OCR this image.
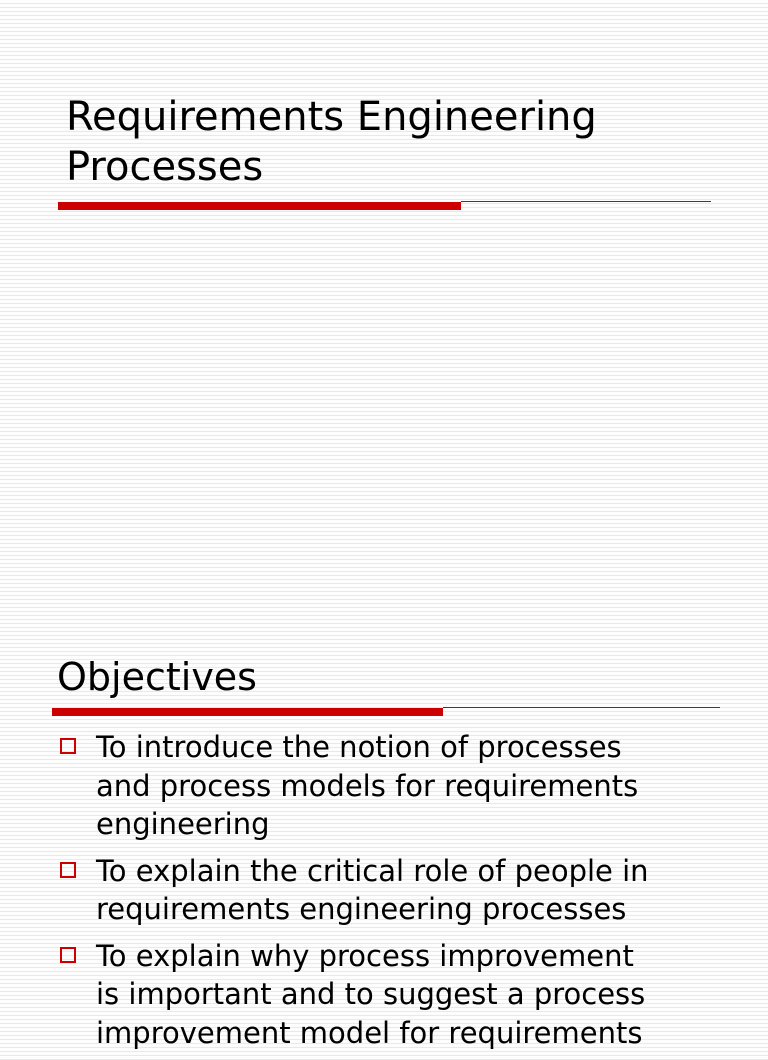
Requirements Engineering
Processes
Objectives
To introduce the notion of processes
and process models for requirements
engineering
To explain the critical role of people in
requirements engineering processes
To explain why process improvement
is important and to suggest a process
improvement model for requirements
